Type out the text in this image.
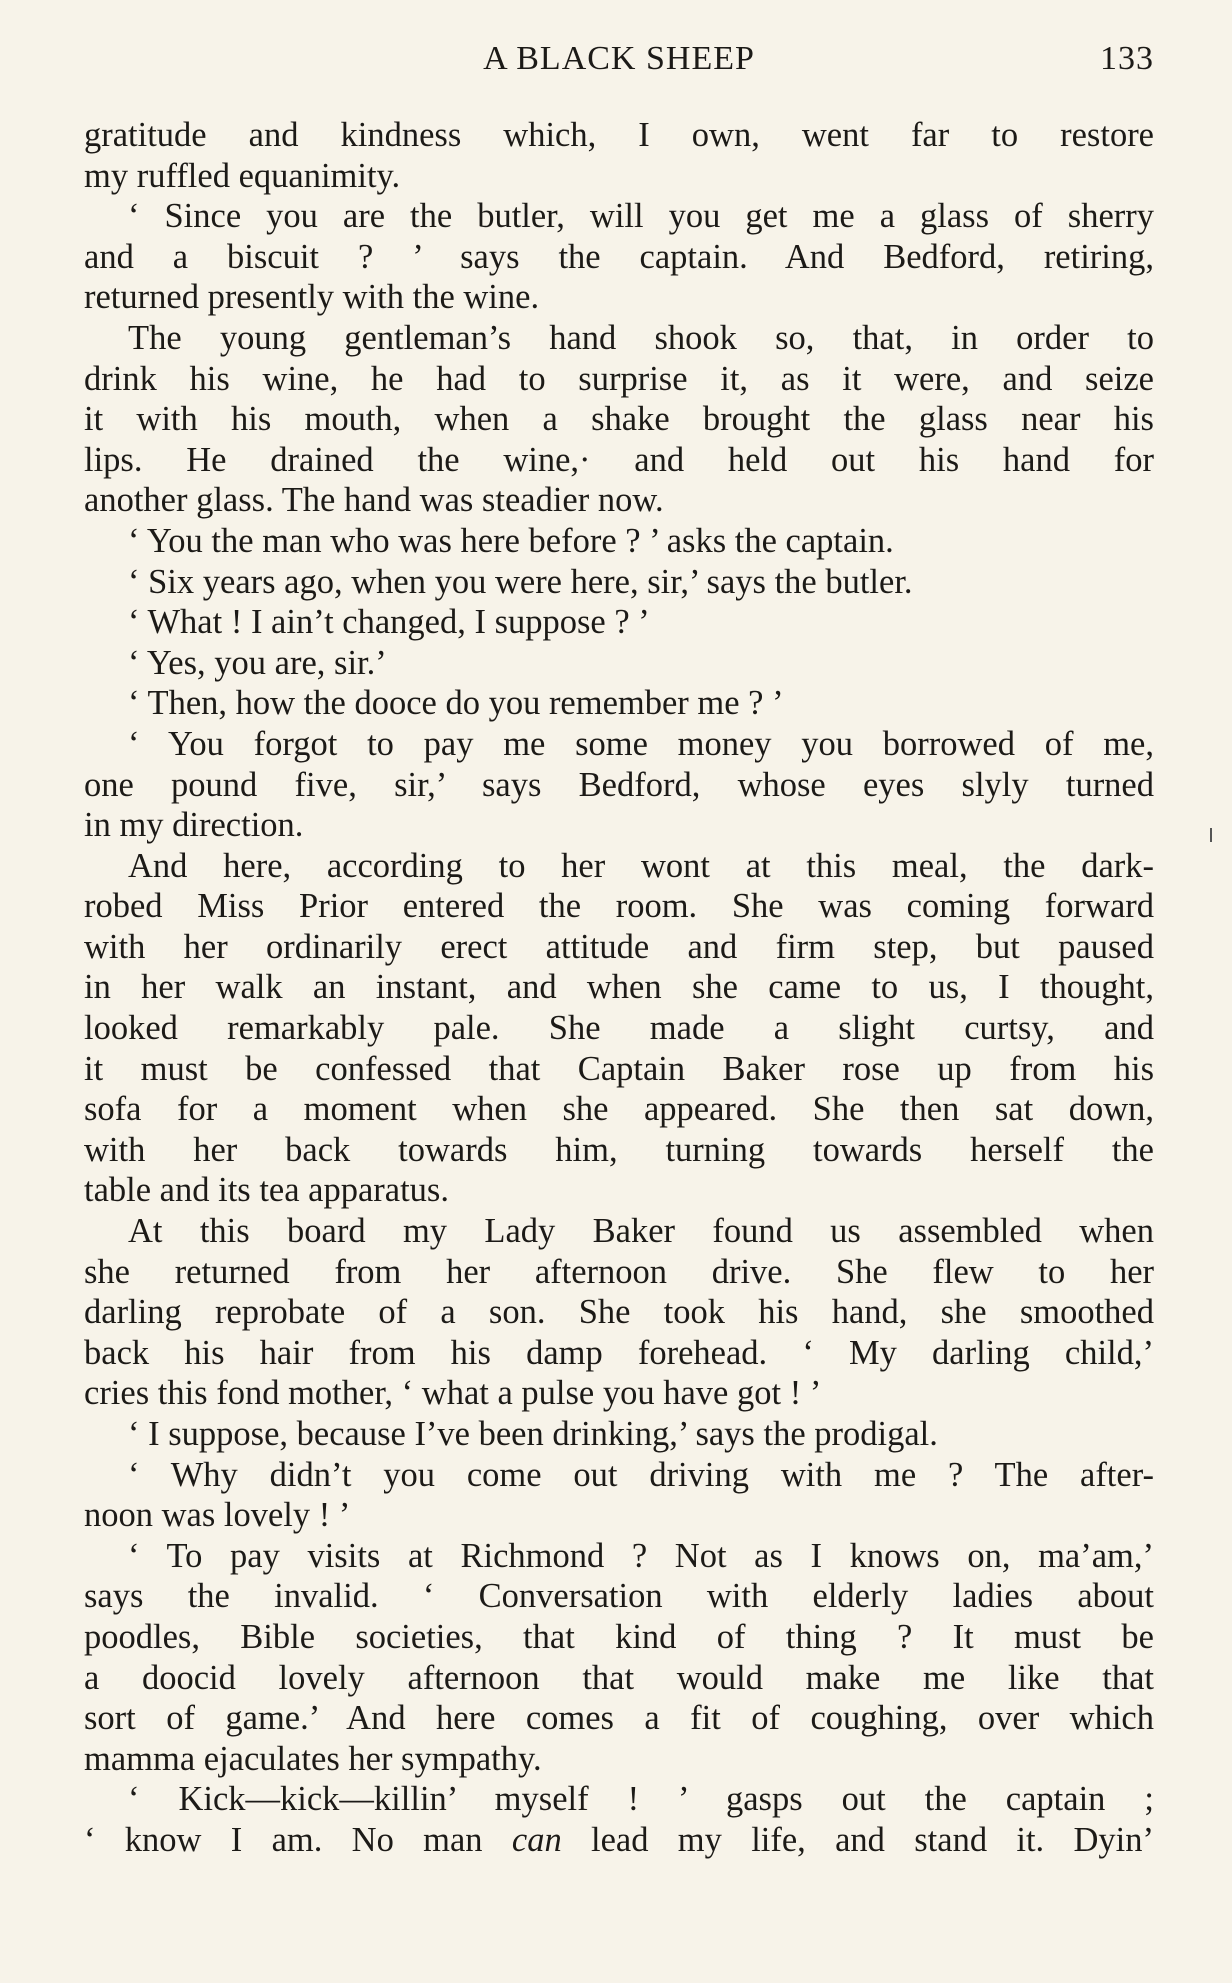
A BLACK SHEEP	133
gratitude and kindness which, I own, went far to restore
my ruffled equanimity.
‘ Since you are the butler, will you get me a glass of sherry
and a biscuit ? ’ says the captain. And Bedford, retiring,
returned presently with the wine.
The young gentleman’s hand shook so, that, in order to
drink his wine, he had to surprise it, as it were, and seize
it with his mouth, when a shake brought the glass near his
lips. He drained the wine,· and held out his hand for
another glass. The hand was steadier now.
‘ You the man who was here before ? ’ asks the captain.
‘ Six years ago, when you were here, sir,’ says the butler.
‘ What ! I ain’t changed, I suppose ? ’
‘ Yes, you are, sir.’
‘ Then, how the dooce do you remember me ? ’
‘ You forgot to pay me some money you borrowed of me,
one pound five, sir,’ says Bedford, whose eyes slyly turned
in my direction.
And here, according to her wont at this meal, the dark-
robed Miss Prior entered the room. She was coming forward
with her ordinarily erect attitude and firm step, but paused
in her walk an instant, and when she came to us, I thought,
looked remarkably pale. She made a slight curtsy, and
it must be confessed that Captain Baker rose up from his
sofa for a moment when she appeared. She then sat down,
with her back towards him, turning towards herself the
table and its tea apparatus.
At this board my Lady Baker found us assembled when
she returned from her afternoon drive. She flew to her
darling reprobate of a son. She took his hand, she smoothed
back his hair from his damp forehead. ‘ My darling child,’
cries this fond mother, ‘ what a pulse you have got ! ’
‘ I suppose, because I’ve been drinking,’ says the prodigal.
‘ Why didn’t you come out driving with me ? The after-
noon was lovely ! ’
‘ To pay visits at Richmond ? Not as I knows on, ma’am,’
says the invalid. ‘ Conversation with elderly ladies about
poodles, Bible societies, that kind of thing ? It must be
a doocid lovely afternoon that would make me like that
sort of game.’ And here comes a fit of coughing, over which
mamma ejaculates her sympathy.
‘ Kick—kick—killin’ myself ! ’ gasps out the captain ;
‘ know I am. No man can lead my life, and stand it. Dyin’
